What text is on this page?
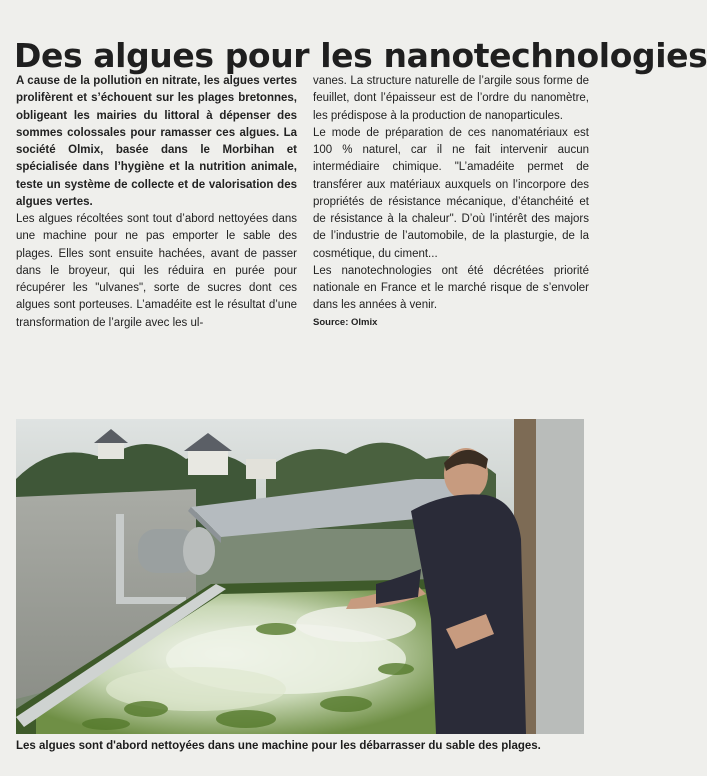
Des algues pour les nanotechnologies

A cause de la pollution en nitrate, les algues vertes prolifèrent et s’échouent sur les plages bretonnes, obligeant les mairies du littoral à dépenser des sommes colossales pour ramasser ces algues. La société Olmix, basée dans le Morbihan et spécialisée dans l’hygiène et la nutrition animale, teste un système de collecte et de valorisation des algues vertes.

Les algues récoltées sont tout d’abord nettoyées dans une machine pour ne pas emporter le sable des plages. Elles sont ensuite hachées, avant de passer dans le broyeur, qui les réduira en purée pour récupérer les "ulvanes", sorte de sucres dont ces algues sont porteuses. L’amadéite est le résultat d’une transformation de l’argile avec les ul-

vanes. La structure naturelle de l’argile sous forme de feuillet, dont l’épaisseur est de l’ordre du nanomètre, les prédispose à la production de nanoparticules.

Le mode de préparation de ces nanomatériaux est 100 % naturel, car il ne fait intervenir aucun intermédiaire chimique. "L’amadéite permet de transférer aux matériaux auxquels on l’incorpore des propriétés de résistance mécanique, d’étanchéité et de résistance à la chaleur". D’où l’intérêt des majors de l’industrie de l’automobile, de la plasturgie, de la cosmétique, du ciment...

Les nanotechnologies ont été décrétées priorité nationale en France et le marché risque de s’envoler dans les années à venir.

Source: Olmix

Les algues sont d'abord nettoyées dans une machine pour les débarrasser du sable des plages.
